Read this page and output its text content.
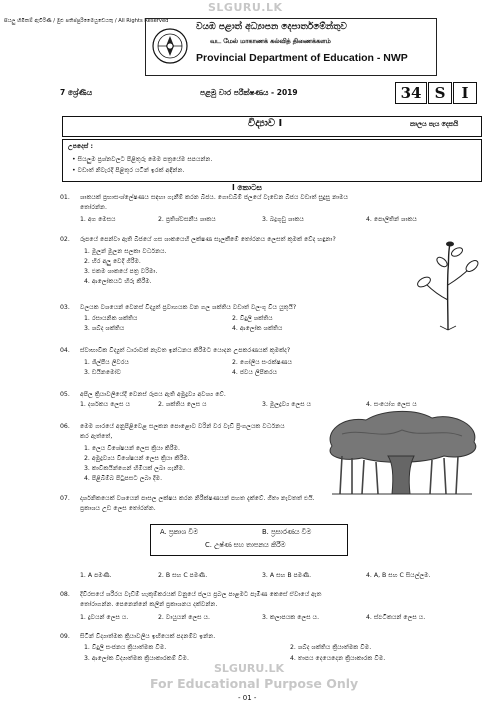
SLGURU.LK
සියලු හිමිකම් ඇවිරිණි / මුළු පතිප්පුරිමෛයුඩෙයතු / All Rights Reserved
වයඹ පළාත් අධ්‍යාපන දෙපාර්තමේන්තුව
வட மேல் மாகாணக் கல்வித் திணைக்களம்
Provincial Department of Education - NWP
7 ශ්‍රේණිය	පළමු වාර පරීක්ෂණය - 2019	34 S	I
විද්‍යාව I	කාලය පැය දෙකයි
උපදෙස් :
• සියලුම ප්‍රශ්නවලට පිළිතුරු මෙම පත්‍රයේම සපයන්න.
• වඩාත් නිවැරදි පිළිතුර යටින් ඉරක් අඳින්න.
I කොටස
01. ශාකයක් ප්‍රභාසංශ්ලේෂණය සඳහා ගැනීම් කරන බීජය. ගොඩබිම් ජලයේ වැඩෙන බීජය වඩාත් සුදුසු නාමය
තෝරන්න.
1. අග මෙසය	2. ප්‍රතිශ්වසනීය ශාකය	3. බද්‍රගුඩු ශාකය	4. පොලිතින් ශාකය
02. රූපයේ පෙන්වා ඇති බීජයේ ගස ශාකයෙහි ලක්ෂණ සැලකීමේ තෝරනය ලෙසත් කුමක් වේද හඳුනා?
1. මූලන් මූලන සලකා වර්ධනය.
2. හිර අලු වෙදි ගිරීම.
3. එකම ශාකයේ පත්‍ර වරිමා.
4. ආලෝකයට හිරු කිරීම.
03. වලයක වශයෙන් වෙනස් විද්‍යුත් ප්‍රවාහයක වන ගල ශක්තිය වඩාත් වලංගු විය යුතුයි?
1. රසායනික ශක්තිය	2. විදුලි ශක්තිය
3. ශබ්ද ශක්තිය	4. ආලෝක ශක්තිය
04. ස්වාභාවික විද්‍යුත් ධාරාවක් නැවත ඉන්ධනය කිරීමට යොදන උපකරණයක් කුමක්ද?
1. ශිල්පීය ලිවරය	2. ගෝලීය සංරක්ෂණය
3. ඩයිනමෝව	4. ජවය ලිපිකරය
05. අපිල ක්‍රියාවලියේදී වෙනස් රූපය ඇති අමුද්‍රව්‍ය අවශ්‍ය වේ.
1. දර්ශකය ලෙස ය	2. ශක්තිය ලෙස ය	3. මූලද්‍රව්‍ය ලෙස ය	4. සංයෝග ලෙස ය
06. මෙම ගාරයේ අනුපිළිවෙළ සලකන පොළොව වරින් වර වැඩි ප්‍රිංගලයක වර්ධනය
කර ඇත්තේ,
1. ලෙය විශේෂයන් ලෙස ක්‍රියා කිරීම.
2. අමුද්‍රව්‍යය විශේෂයන් ලෙස ක්‍රියා කිරීම.
3. කාවිකයින්ගෙන් හිමියක් ලබා ගැනීම.
4. පිළිබිම්බ පිටුපසට ලබා දීම.
07. දාර්ශනිකයෙක් වශයෙන් පාසල ලක්ෂය කරන නිරීක්ෂණයන් පහත දැක්වේ. ගීතා නැවතත් එයි.
ප්‍රකාශය උඩ ලෙස තෝරන්න.
A. ප්‍රකාශ වීම	B. ප්‍රසාරණය වීම
C. උෂ්ණ සහ තාපනය කිරීම
1. A පමණි.	2. B සහ C පමණි.	3. A සහ B පමණි.	4. A, B සහ C සියල්ලම.
08. දිවිරසයේ ශරීරය වැඩීම් හැකුම්කරයක් වනුයේ ජලය ප්‍රබල පාළමට පැමිණ කෙසේ ඒවායේ ඇත
තෝරාගන්න. පෙනෙන්නේ කලින් ප්‍රකාශනය දක්වන්න.
1. ද්‍රවයන් ලෙස ය.	2. වායුයන් ලෙස ය.	3. කලාපයක ලෙස ය.	4. ස්ඵටිකයන් ලෙස ය.
09. සිටින් විද්‍යාත්මක ක්‍රියාවලිය ඉඟියෙක් පදනම්ව ඉන්න.
1. විදුලි සංජනය ක්‍රියාත්මක වීම.	2. ශබ්ද ශක්තිය ක්‍රියාත්මක වීම.
3. ආලෝක විද්‍යාත්මක ක්‍රියාකාරකම් වීම.	4. තාපය දෙයෙදෙන ක්‍රියාකාරක වීම.
SLGURU.LK
For Educational Purpose Only
- 01 -
